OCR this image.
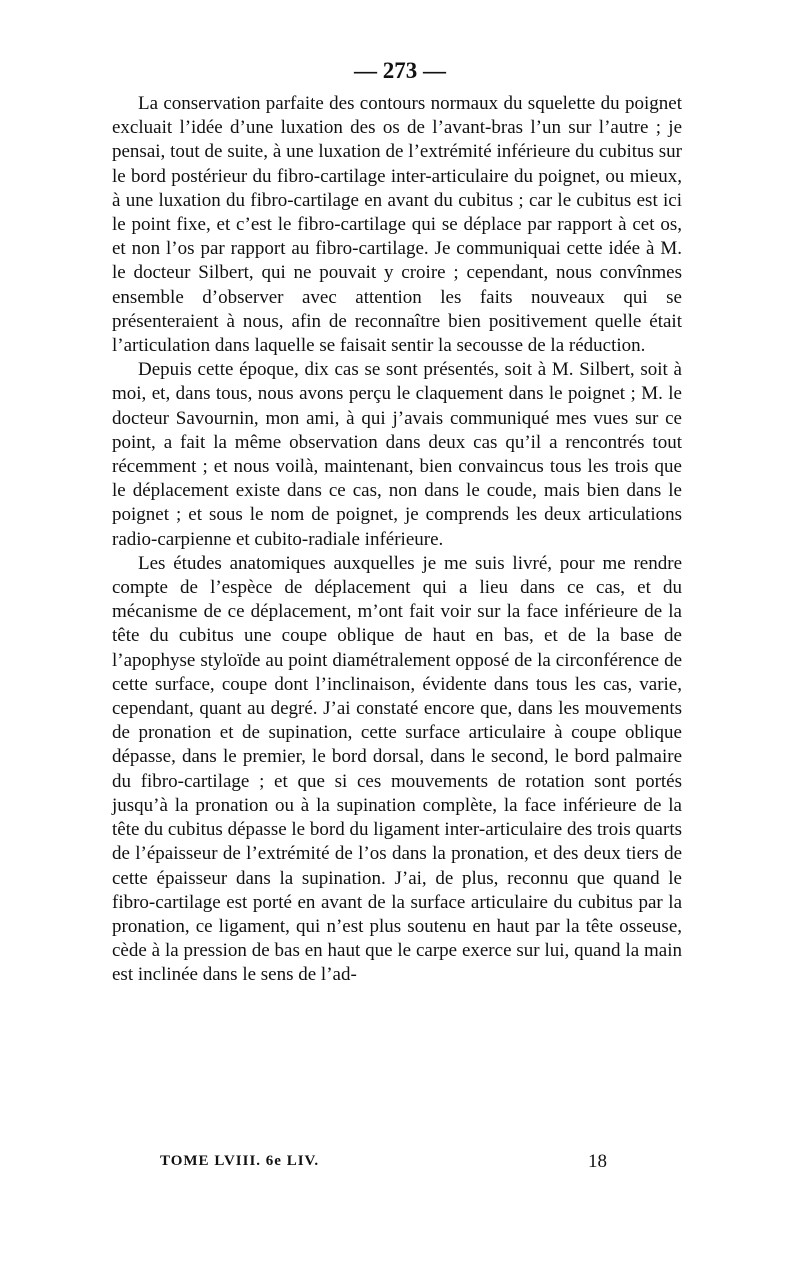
— 273 —

La conservation parfaite des contours normaux du squelette du poignet excluait l’idée d’une luxation des os de l’avant-bras l’un sur l’autre ; je pensai, tout de suite, à une luxation de l’extrémité inférieure du cubitus sur le bord postérieur du fibro-cartilage inter-articulaire du poignet, ou mieux, à une luxation du fibro-cartilage en avant du cubitus ; car le cubitus est ici le point fixe, et c’est le fibro-cartilage qui se déplace par rapport à cet os, et non l’os par rapport au fibro-cartilage. Je communiquai cette idée à M. le docteur Silbert, qui ne pouvait y croire ; cependant, nous convînmes ensemble d’observer avec attention les faits nouveaux qui se présenteraient à nous, afin de reconnaître bien positivement quelle était l’articulation dans laquelle se faisait sentir la secousse de la réduction.

Depuis cette époque, dix cas se sont présentés, soit à M. Silbert, soit à moi, et, dans tous, nous avons perçu le claquement dans le poignet ; M. le docteur Savournin, mon ami, à qui j’avais communiqué mes vues sur ce point, a fait la même observation dans deux cas qu’il a rencontrés tout récemment ; et nous voilà, maintenant, bien convaincus tous les trois que le déplacement existe dans ce cas, non dans le coude, mais bien dans le poignet ; et sous le nom de poignet, je comprends les deux articulations radio-carpienne et cubito-radiale inférieure.

Les études anatomiques auxquelles je me suis livré, pour me rendre compte de l’espèce de déplacement qui a lieu dans ce cas, et du mécanisme de ce déplacement, m’ont fait voir sur la face inférieure de la tête du cubitus une coupe oblique de haut en bas, et de la base de l’apophyse styloïde au point diamétralement opposé de la circonférence de cette surface, coupe dont l’inclinaison, évidente dans tous les cas, varie, cependant, quant au degré. J’ai constaté encore que, dans les mouvements de pronation et de supination, cette surface articulaire à coupe oblique dépasse, dans le premier, le bord dorsal, dans le second, le bord palmaire du fibro-cartilage ; et que si ces mouvements de rotation sont portés jusqu’à la pronation ou à la supination complète, la face inférieure de la tête du cubitus dépasse le bord du ligament inter-articulaire des trois quarts de l’épaisseur de l’extrémité de l’os dans la pronation, et des deux tiers de cette épaisseur dans la supination. J’ai, de plus, reconnu que quand le fibro-cartilage est porté en avant de la surface articulaire du cubitus par la pronation, ce ligament, qui n’est plus soutenu en haut par la tête osseuse, cède à la pression de bas en haut que le carpe exerce sur lui, quand la main est inclinée dans le sens de l’ad-

TOME LVIII. 6e LIV.	18
